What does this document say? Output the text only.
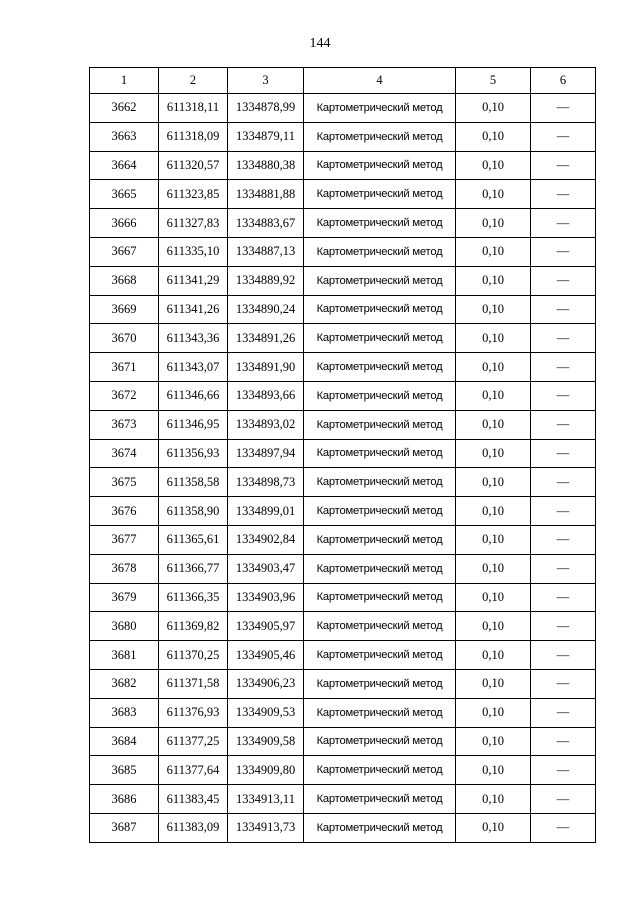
144
1	2	3	4	5	6
3662	611318,11	1334878,99	Картометрический метод	0,10	—
3663	611318,09	1334879,11	Картометрический метод	0,10	—
3664	611320,57	1334880,38	Картометрический метод	0,10	—
3665	611323,85	1334881,88	Картометрический метод	0,10	—
3666	611327,83	1334883,67	Картометрический метод	0,10	—
3667	611335,10	1334887,13	Картометрический метод	0,10	—
3668	611341,29	1334889,92	Картометрический метод	0,10	—
3669	611341,26	1334890,24	Картометрический метод	0,10	—
3670	611343,36	1334891,26	Картометрический метод	0,10	—
3671	611343,07	1334891,90	Картометрический метод	0,10	—
3672	611346,66	1334893,66	Картометрический метод	0,10	—
3673	611346,95	1334893,02	Картометрический метод	0,10	—
3674	611356,93	1334897,94	Картометрический метод	0,10	—
3675	611358,58	1334898,73	Картометрический метод	0,10	—
3676	611358,90	1334899,01	Картометрический метод	0,10	—
3677	611365,61	1334902,84	Картометрический метод	0,10	—
3678	611366,77	1334903,47	Картометрический метод	0,10	—
3679	611366,35	1334903,96	Картометрический метод	0,10	—
3680	611369,82	1334905,97	Картометрический метод	0,10	—
3681	611370,25	1334905,46	Картометрический метод	0,10	—
3682	611371,58	1334906,23	Картометрический метод	0,10	—
3683	611376,93	1334909,53	Картометрический метод	0,10	—
3684	611377,25	1334909,58	Картометрический метод	0,10	—
3685	611377,64	1334909,80	Картометрический метод	0,10	—
3686	611383,45	1334913,11	Картометрический метод	0,10	—
3687	611383,09	1334913,73	Картометрический метод	0,10	—
